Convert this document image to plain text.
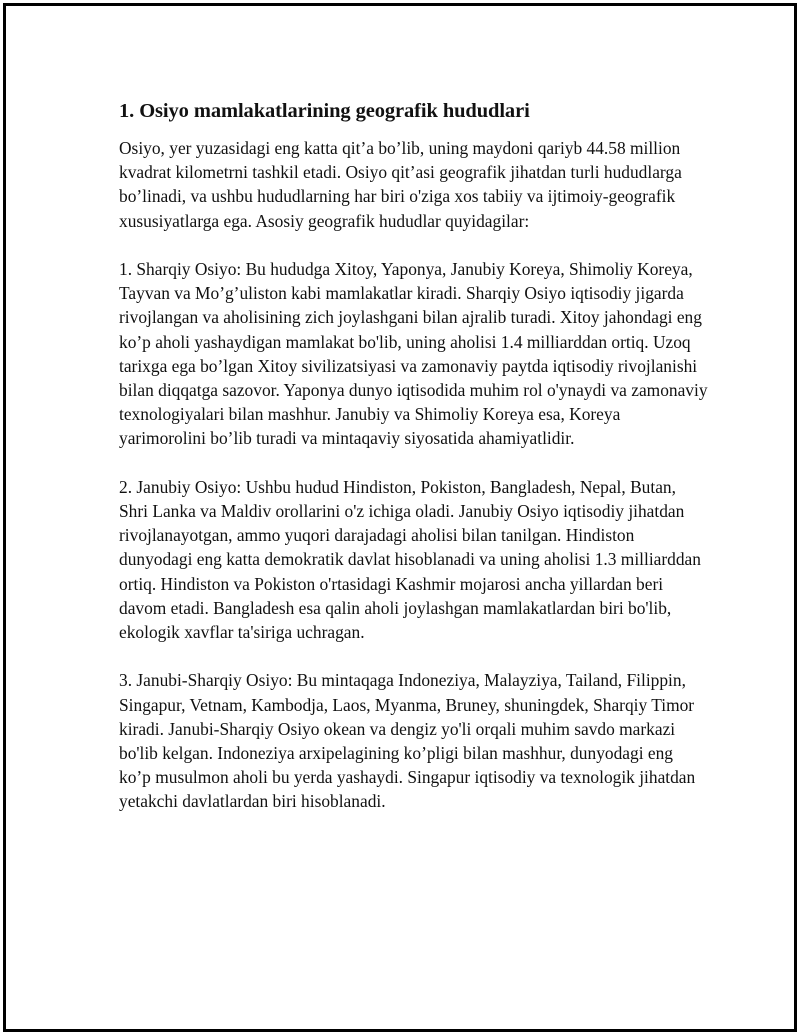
1. Osiyo mamlakatlarining geografik hududlari

Osiyo, yer yuzasidagi eng katta qit’a bo’lib, uning maydoni qariyb 44.58 million kvadrat kilometrni tashkil etadi. Osiyo qit’asi geografik jihatdan turli hududlarga bo’linadi, va ushbu hududlarning har biri o'ziga xos tabiiy va ijtimoiy-geografik xususiyatlarga ega. Asosiy geografik hududlar quyidagilar:

1. Sharqiy Osiyo: Bu hududga Xitoy, Yaponya, Janubiy Koreya, Shimoliy Koreya, Tayvan va Mo’g’uliston kabi mamlakatlar kiradi. Sharqiy Osiyo iqtisodiy jigarda rivojlangan va aholisining zich joylashgani bilan ajralib turadi. Xitoy jahondagi eng ko’p aholi yashaydigan mamlakat bo'lib, uning aholisi 1.4 milliarddan ortiq. Uzoq tarixga ega bo’lgan Xitoy sivilizatsiyasi va zamonaviy paytda iqtisodiy rivojlanishi bilan diqqatga sazovor. Yaponya dunyo iqtisodida muhim rol o'ynaydi va zamonaviy texnologiyalari bilan mashhur. Janubiy va Shimoliy Koreya esa, Koreya yarimorolini bo’lib turadi va mintaqaviy siyosatida ahamiyatlidir.

2. Janubiy Osiyo: Ushbu hudud Hindiston, Pokiston, Bangladesh, Nepal, Butan, Shri Lanka va Maldiv orollarini o'z ichiga oladi. Janubiy Osiyo iqtisodiy jihatdan rivojlanayotgan, ammo yuqori darajadagi aholisi bilan tanilgan. Hindiston dunyodagi eng katta demokratik davlat hisoblanadi va uning aholisi 1.3 milliarddan ortiq. Hindiston va Pokiston o'rtasidagi Kashmir mojarosi ancha yillardan beri davom etadi. Bangladesh esa qalin aholi joylashgan mamlakatlardan biri bo'lib, ekologik xavflar ta'siriga uchragan.

3. Janubi-Sharqiy Osiyo: Bu mintaqaga Indoneziya, Malayziya, Tailand, Filippin, Singapur, Vetnam, Kambodja, Laos, Myanma, Bruney, shuningdek, Sharqiy Timor kiradi. Janubi-Sharqiy Osiyo okean va dengiz yo'li orqali muhim savdo markazi bo'lib kelgan. Indoneziya arxipelagining ko’pligi bilan mashhur, dunyodagi eng ko’p musulmon aholi bu yerda yashaydi. Singapur iqtisodiy va texnologik jihatdan yetakchi davlatlardan biri hisoblanadi.
